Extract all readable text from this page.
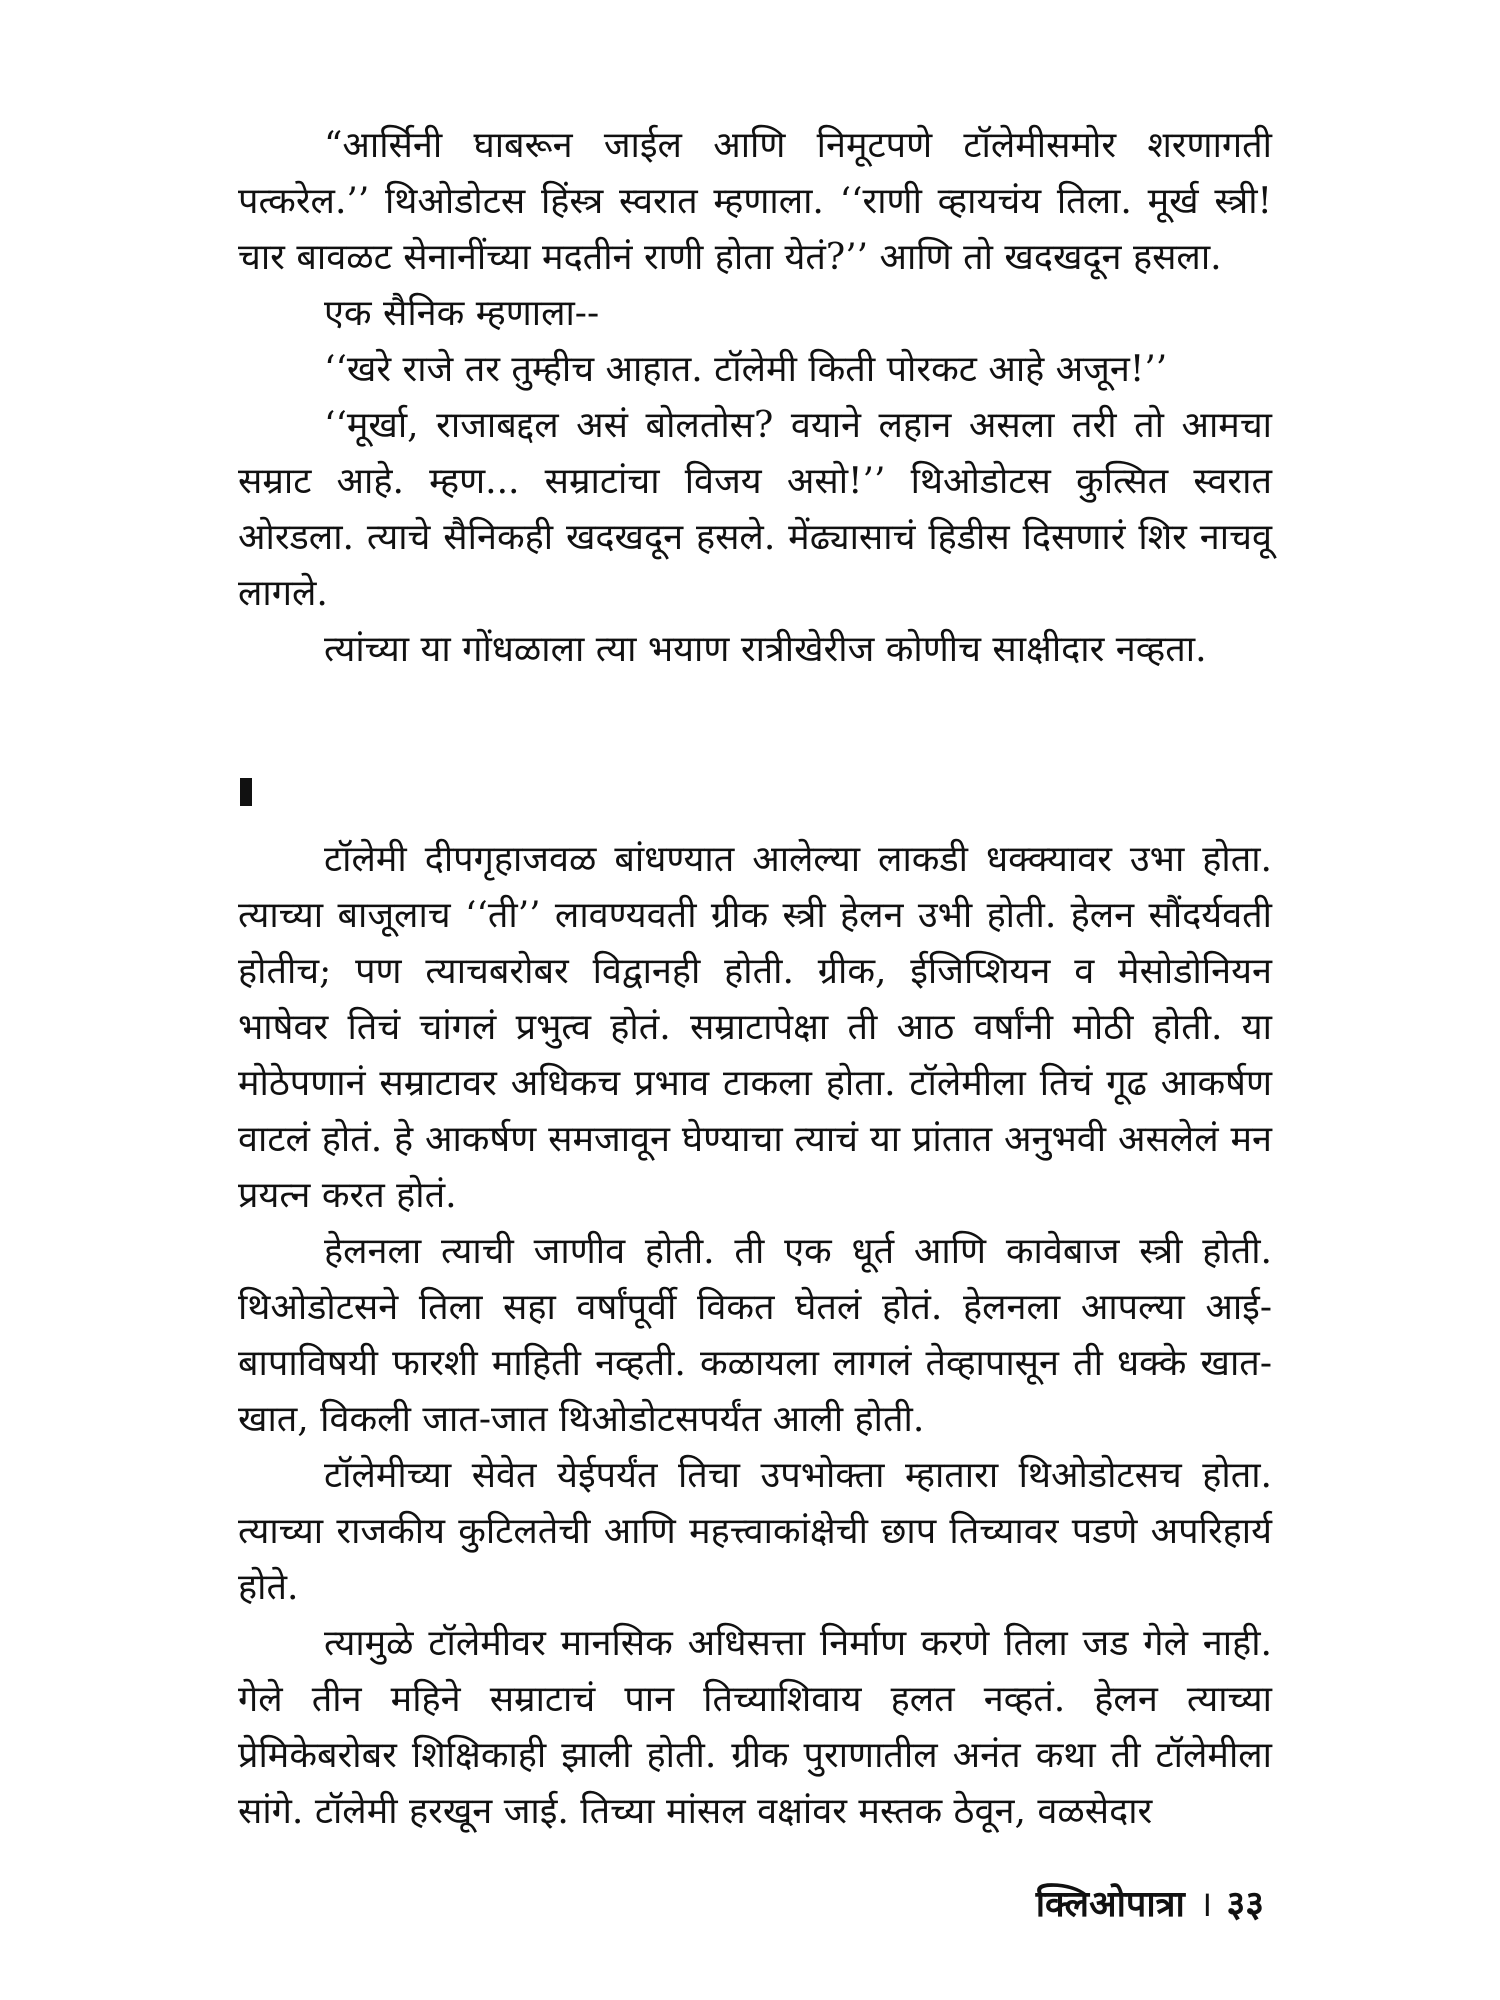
“आर्सिनी घाबरून जाईल आणि निमूटपणे टॉलेमीसमोर शरणागती पत्करेल.’’ थिओडोटस हिंस्त्र स्वरात म्हणाला. ‘‘राणी व्हायचंय तिला. मूर्ख स्त्री! चार बावळट सेनानींच्या मदतीनं राणी होता येतं?’’ आणि तो खदखदून हसला.

एक सैनिक म्हणाला--

‘‘खरे राजे तर तुम्हीच आहात. टॉलेमी किती पोरकट आहे अजून!’’

‘‘मूर्खा, राजाबद्दल असं बोलतोस? वयाने लहान असला तरी तो आमचा सम्राट आहे. म्हण... सम्राटांचा विजय असो!’’ थिओडोटस कुत्सित स्वरात ओरडला. त्याचे सैनिकही खदखदून हसले. मेंढ्यासाचं हिडीस दिसणारं शिर नाचवू लागले.

त्यांच्या या गोंधळाला त्या भयाण रात्रीखेरीज कोणीच साक्षीदार नव्हता.

टॉलेमी दीपगृहाजवळ बांधण्यात आलेल्या लाकडी धक्क्यावर उभा होता. त्याच्या बाजूलाच ‘‘ती’’ लावण्यवती ग्रीक स्त्री हेलन उभी होती. हेलन सौंदर्यवती होतीच; पण त्याचबरोबर विद्वानही होती. ग्रीक, ईजिप्शियन व मेसोडोनियन भाषेवर तिचं चांगलं प्रभुत्व होतं. सम्राटापेक्षा ती आठ वर्षांनी मोठी होती. या मोठेपणानं सम्राटावर अधिकच प्रभाव टाकला होता. टॉलेमीला तिचं गूढ आकर्षण वाटलं होतं. हे आकर्षण समजावून घेण्याचा त्याचं या प्रांतात अनुभवी असलेलं मन प्रयत्न करत होतं.

हेलनला त्याची जाणीव होती. ती एक धूर्त आणि कावेबाज स्त्री होती. थिओडोटसने तिला सहा वर्षांपूर्वी विकत घेतलं होतं. हेलनला आपल्या आई-बापाविषयी फारशी माहिती नव्हती. कळायला लागलं तेव्हापासून ती धक्के खात-खात, विकली जात-जात थिओडोटसपर्यंत आली होती.

टॉलेमीच्या सेवेत येईपर्यंत तिचा उपभोक्ता म्हातारा थिओडोटसच होता. त्याच्या राजकीय कुटिलतेची आणि महत्त्वाकांक्षेची छाप तिच्यावर पडणे अपरिहार्य होते.

त्यामुळे टॉलेमीवर मानसिक अधिसत्ता निर्माण करणे तिला जड गेले नाही. गेले तीन महिने सम्राटाचं पान तिच्याशिवाय हलत नव्हतं. हेलन त्याच्या प्रेमिकेबरोबर शिक्षिकाही झाली होती. ग्रीक पुराणातील अनंत कथा ती टॉलेमीला सांगे. टॉलेमी हरखून जाई. तिच्या मांसल वक्षांवर मस्तक ठेवून, वळसेदार

क्लिओपात्रा । ३३
